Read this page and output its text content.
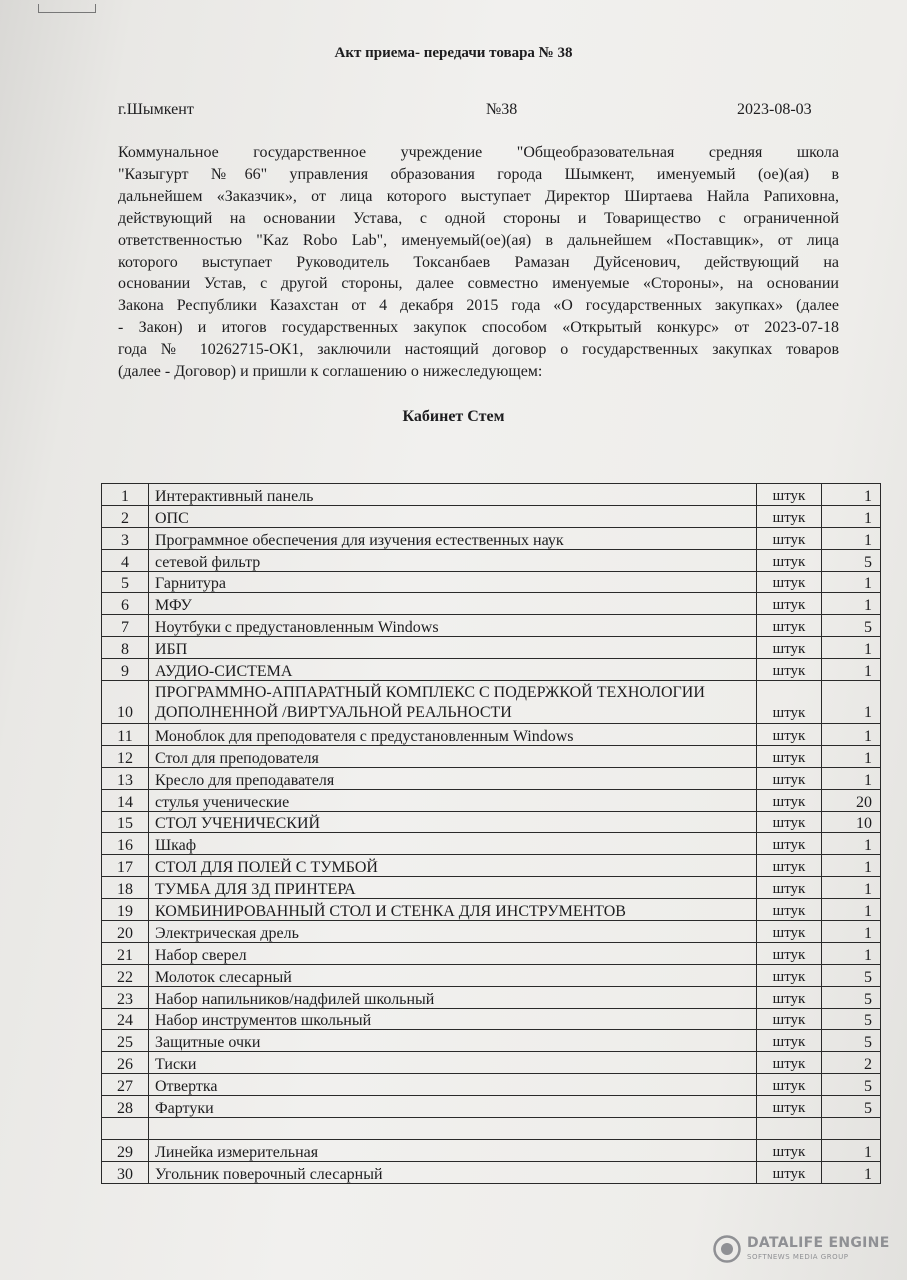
Акт приема- передачи товара № 38
г.Шымкент	№38	2023-08-03

Коммунальное государственное учреждение "Общеобразовательная средняя школа

"Казыгурт №66" управления образования города Шымкент, именуемый (ое)(ая) в

дальнейшем «Заказчик», от лица которого выступает Директор Ширтаева Найла Рапиховна,

действующий на основании Устава, с одной стороны и Товарищество с ограниченной

ответственностью "Kaz Robo Lab", именуемый(ое)(ая) в дальнейшем «Поставщик», от лица

которого выступает Руководитель Токсанбаев Рамазан Дуйсенович, действующий на

основании Устав, с другой стороны, далее совместно именуемые «Стороны», на основании

Закона Республики Казахстан от 4 декабря 2015 года «О государственных закупках» (далее

- Закон) и итогов государственных закупок способом «Открытый конкурс» от 2023-07-18

года № 10262715-ОК1, заключили настоящий договор о государственных закупках товаров

(далее - Договор) и пришли к соглашению о нижеследующем:

Кабинет Стем
1	Интерактивный панель	штук	1
2	ОПС	штук	1
3	Программное обеспечения для изучения естественных наук	штук	1
4	сетевой фильтр	штук	5
5	Гарнитура	штук	1
6	МФУ	штук	1
7	Ноутбуки с предустановленным Windows	штук	5
8	ИБП	штук	1
9	АУДИО-СИСТЕМА	штук	1
10	ПРОГРАММНО-АППАРАТНЫЙ КОМПЛЕКС С ПОДЕРЖКОЙ ТЕХНОЛОГИИ ДОПОЛНЕННОЙ /ВИРТУАЛЬНОЙ РЕАЛЬНОСТИ	штук	1
11	Моноблок для преподователя с предустановленным Windows	штук	1
12	Стол для преподователя	штук	1
13	Кресло для преподавателя	штук	1
14	стулья ученические	штук	20
15	СТОЛ УЧЕНИЧЕСКИЙ	штук	10
16	Шкаф	штук	1
17	СТОЛ ДЛЯ ПОЛЕЙ С ТУМБОЙ	штук	1
18	ТУМБА ДЛЯ 3Д ПРИНТЕРА	штук	1
19	КОМБИНИРОВАННЫЙ СТОЛ И СТЕНКА ДЛЯ ИНСТРУМЕНТОВ	штук	1
20	Электрическая дрель	штук	1
21	Набор сверел	штук	1
22	Молоток слесарный	штук	5
23	Набор напильников/надфилей школьный	штук	5
24	Набор инструментов школьный	штук	5
25	Защитные очки	штук	5
26	Тиски	штук	2
27	Отвертка	штук	5
28	Фартуки	штук	5

29	Линейка измерительная	штук	1
30	Угольник поверочный слесарный	штук	1
DATALIFE ENGINE
SOFTNEWS MEDIA GROUP
